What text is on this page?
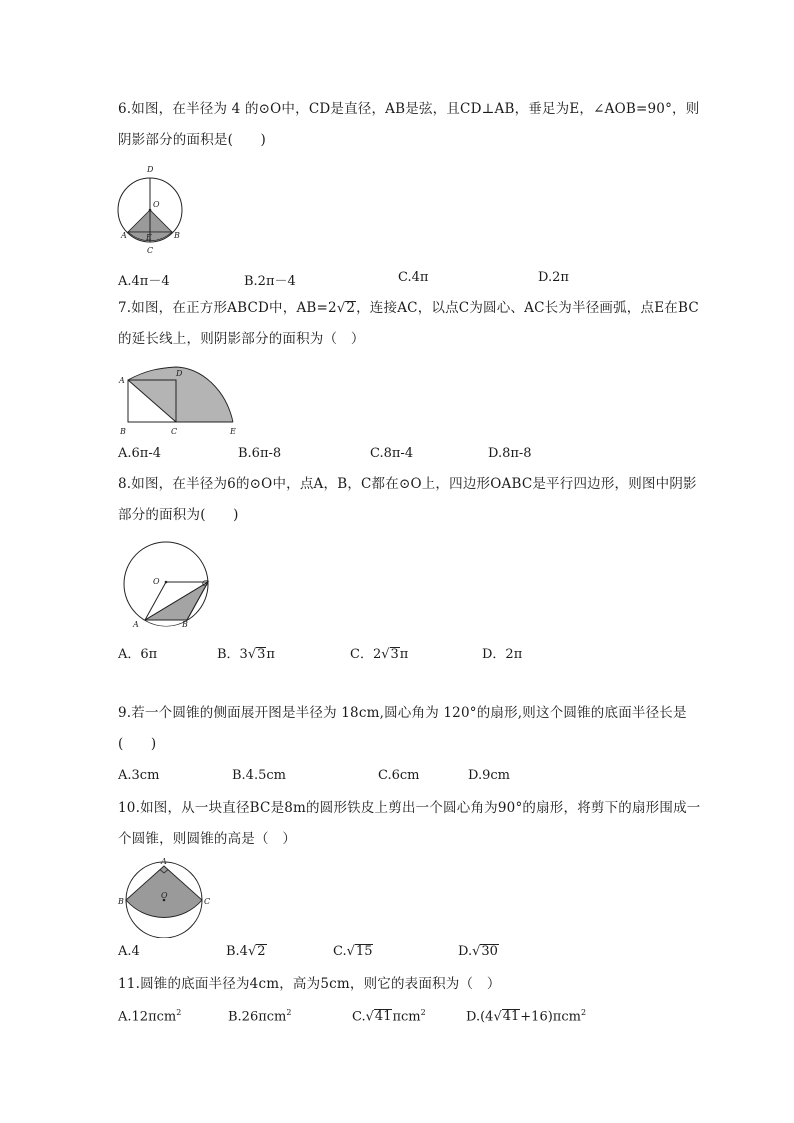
6.如图，在半径为 4 的⊙O中，CD是直径，AB是弦，且CD⊥AB，垂足为E，∠AOB=90°，则阴影部分的面积是(　　)
D
O
A E	B
C
A.4π－4	B.2π－4	C.4π	D.2π
7.如图，在正方形ABCD中，AB=2√2，连接AC，以点C为圆心、AC长为半径画弧，点E在BC的延长线上，则阴影部分的面积为（　）
A
D
B	C	E
A.6π-4	B.6π-8	C.8π-4	D.8π-8
8.如图，在半径为6的⊙O中，点A，B，C都在⊙O上，四边形OABC是平行四边形，则图中阴影部分的面积为(　　)
O	C
A	B
A．6π	B．3√3π	C．2√3π	D．2π
9.若一个圆锥的侧面展开图是半径为 18cm,圆心角为 120°的扇形,则这个圆锥的底面半径长是(　　)
A.3cm	B.4.5cm	C.6cm	D.9cm
10.如图，从一块直径BC是8m的圆形铁皮上剪出一个圆心角为90°的扇形，将剪下的扇形围成一个圆锥，则圆锥的高是（　）
A
O
B	C
A.4	B.4√2	C.√15	D.√30
11.圆锥的底面半径为4cm，高为5cm，则它的表面积为（　）
A.12πcm$^2$	B.26πcm$^2$	C.√41πcm$^2$	D.(4√41+16)πcm$^2$
